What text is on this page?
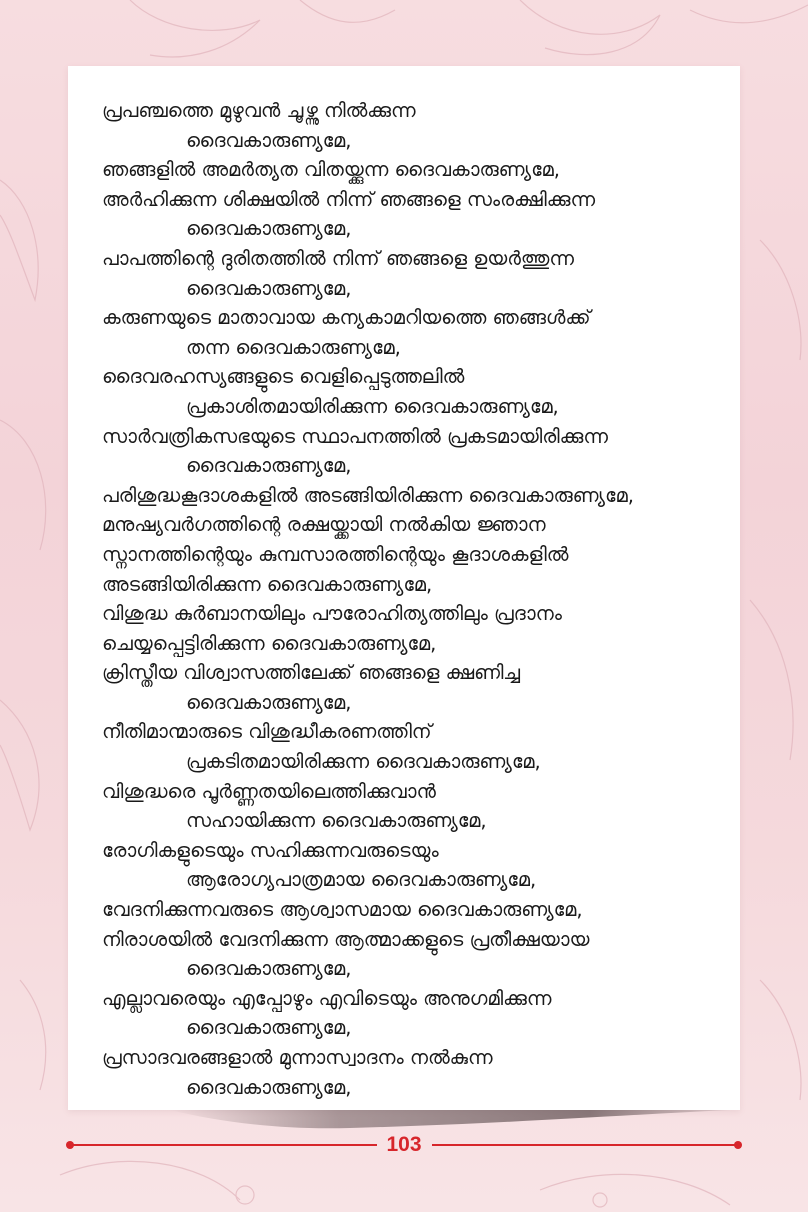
പ്രപഞ്ചത്തെ മുഴുവൻ ചൂഴ്ന്നു നിൽക്കുന്ന
ദൈവകാരുണ്യമേ,
ഞങ്ങളിൽ അമർത്യത വിതയ്ക്കുന്ന ദൈവകാരുണ്യമേ,
അർഹിക്കുന്ന ശിക്ഷയിൽ നിന്ന് ഞങ്ങളെ സംരക്ഷിക്കുന്ന
ദൈവകാരുണ്യമേ,
പാപത്തിന്റെ ദുരിതത്തിൽ നിന്ന് ഞങ്ങളെ ഉയർത്തുന്ന
ദൈവകാരുണ്യമേ,
കരുണയുടെ മാതാവായ കന്യകാമറിയത്തെ ഞങ്ങൾക്ക്
തന്ന ദൈവകാരുണ്യമേ,
ദൈവരഹസ്യങ്ങളുടെ വെളിപ്പെടുത്തലിൽ
പ്രകാശിതമായിരിക്കുന്ന ദൈവകാരുണ്യമേ,
സാർവത്രികസഭയുടെ സ്ഥാപനത്തിൽ പ്രകടമായിരിക്കുന്ന
ദൈവകാരുണ്യമേ,
പരിശുദ്ധകൂദാശകളിൽ അടങ്ങിയിരിക്കുന്ന ദൈവകാരുണ്യമേ,
മനുഷ്യവർഗത്തിന്റെ രക്ഷയ്ക്കായി നൽകിയ ജ്ഞാന
സ്നാനത്തിന്റെയും കുമ്പസാരത്തിന്റെയും കൂദാശകളിൽ
അടങ്ങിയിരിക്കുന്ന ദൈവകാരുണ്യമേ,
വിശുദ്ധ കുർബാനയിലും പൗരോഹിത്യത്തിലും പ്രദാനം
ചെയ്യപ്പെട്ടിരിക്കുന്ന ദൈവകാരുണ്യമേ,
ക്രിസ്തീയ വിശ്വാസത്തിലേക്ക് ഞങ്ങളെ ക്ഷണിച്ച
ദൈവകാരുണ്യമേ,
നീതിമാന്മാരുടെ വിശുദ്ധീകരണത്തിന്
പ്രകടിതമായിരിക്കുന്ന ദൈവകാരുണ്യമേ,
വിശുദ്ധരെ പൂർണ്ണതയിലെത്തിക്കുവാൻ
സഹായിക്കുന്ന ദൈവകാരുണ്യമേ,
രോഗികളുടെയും സഹിക്കുന്നവരുടെയും
ആരോഗ്യപാത്രമായ ദൈവകാരുണ്യമേ,
വേദനിക്കുന്നവരുടെ ആശ്വാസമായ ദൈവകാരുണ്യമേ,
നിരാശയിൽ വേദനിക്കുന്ന ആത്മാക്കളുടെ പ്രതീക്ഷയായ
ദൈവകാരുണ്യമേ,
എല്ലാവരെയും എപ്പോഴും എവിടെയും അനുഗമിക്കുന്ന
ദൈവകാരുണ്യമേ,
പ്രസാദവരങ്ങളാൽ മുന്നാസ്വാദനം നൽകുന്ന
ദൈവകാരുണ്യമേ,
103
